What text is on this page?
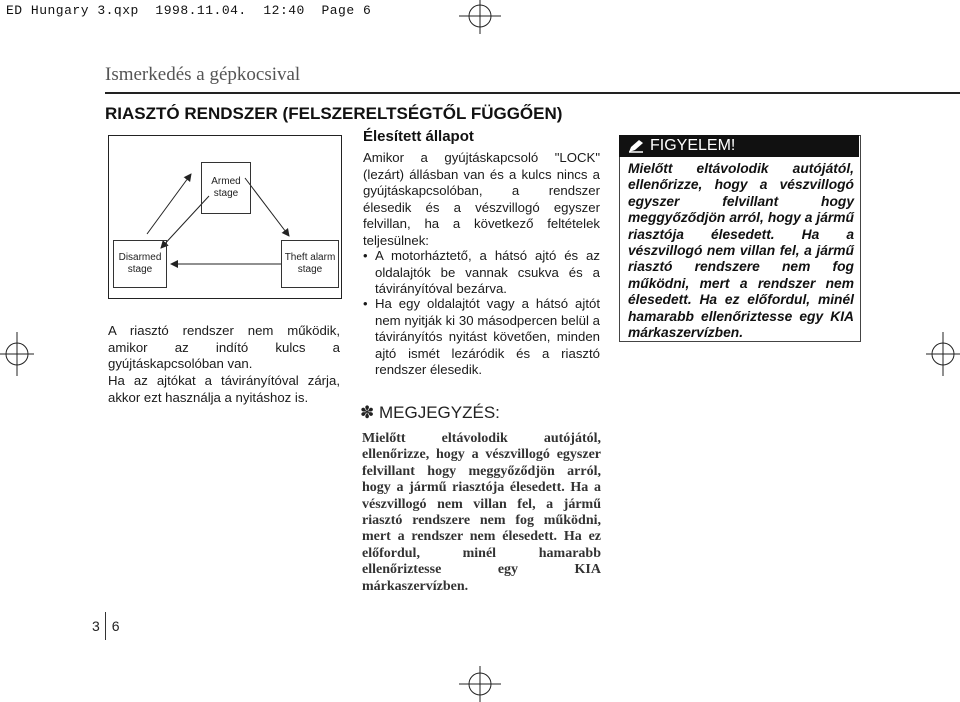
ED Hungary 3.qxp  1998.11.04.  12:40  Page 6
Ismerkedés a gépkocsival
RIASZTÓ RENDSZER (FELSZERELTSÉGTŐL FÜGGŐEN)
Armed
stage
Disarmed
stage
Theft alarm
stage
A riasztó rendszer nem működik, amikor az indító kulcs a gyújtáskapcsolóban van.
Ha az ajtókat a távirányítóval zárja, akkor ezt használja a nyitáshoz is.
Élesített állapot
Amikor a gyújtáskapcsoló "LOCK" (lezárt) állásban van és a kulcs nincs a gyújtáskapcsolóban, a rendszer élesedik és a vészvillogó egyszer felvillan, ha a következő feltételek teljesülnek:
• A motorháztető, a hátsó ajtó és az oldalajtók be vannak csukva és a távirányítóval bezárva.
• Ha egy oldalajtót vagy a hátsó ajtót nem nyitják ki 30 másodpercen belül a távirányítós nyitást követően, minden ajtó ismét lezáródik és a riasztó rendszer élesedik.
✽ MEGJEGYZÉS:
Mielőtt eltávolodik autójától, ellenőrizze, hogy a vészvillogó egyszer felvillant hogy meggyőződjön arról, hogy a jármű riasztója élesedett. Ha a vészvillogó nem villan fel, a jármű riasztó rendszere nem fog működni, mert a rendszer nem élesedett. Ha ez előfordul, minél hamarabb ellenőriztesse egy KIA márkaszervízben.
FIGYELEM!
Mielőtt eltávolodik autójától, ellenőrizze, hogy a vészvillogó egyszer felvillant hogy meggyőződjön arról, hogy a jármű riasztója élesedett. Ha a vészvillogó nem villan fel, a jármű riasztó rendszere nem fog működni, mert a rendszer nem élesedett. Ha ez előfordul, minél hamarabb ellenőriztesse egy KIA márkaszervízben.
3 6
